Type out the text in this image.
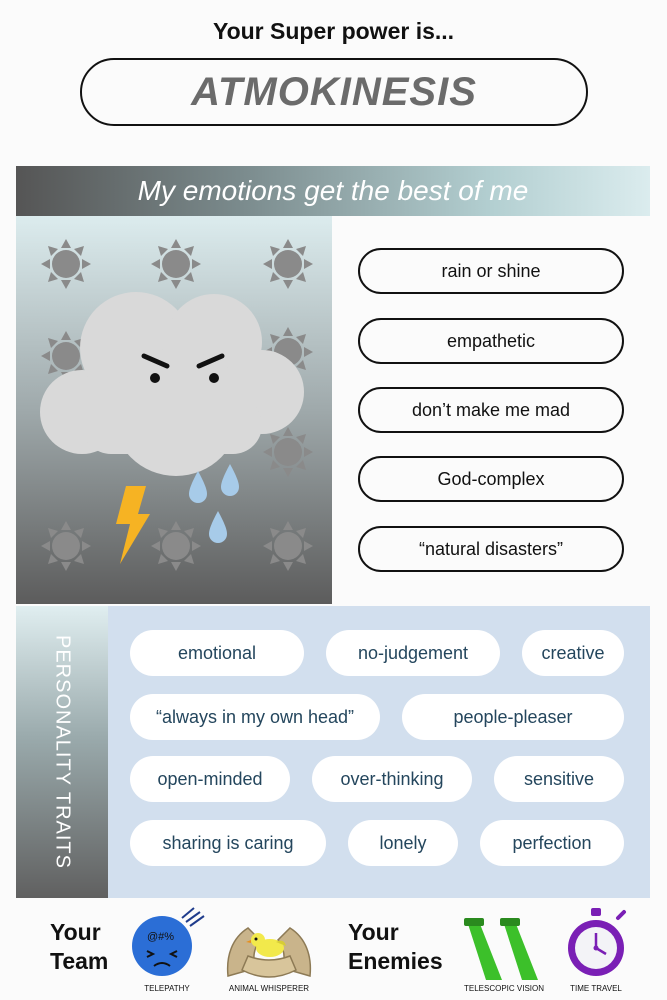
Your Super power is...
ATMOKINESIS
My emotions get the best of me
rain or shine
empathetic
don’t make me mad
God-complex
“natural disasters”
PERSONALITY TRAITS	emotional	no-judgement	creative
“always in my own head”	people-pleaser
open-minded	over-thinking	sensitive
sharing is caring	lonely	perfection
Your
Team
@#%
TELEPATHY	ANIMAL WHISPERER
Your
Enemies
TELESCOPIC VISION	TIME TRAVEL
